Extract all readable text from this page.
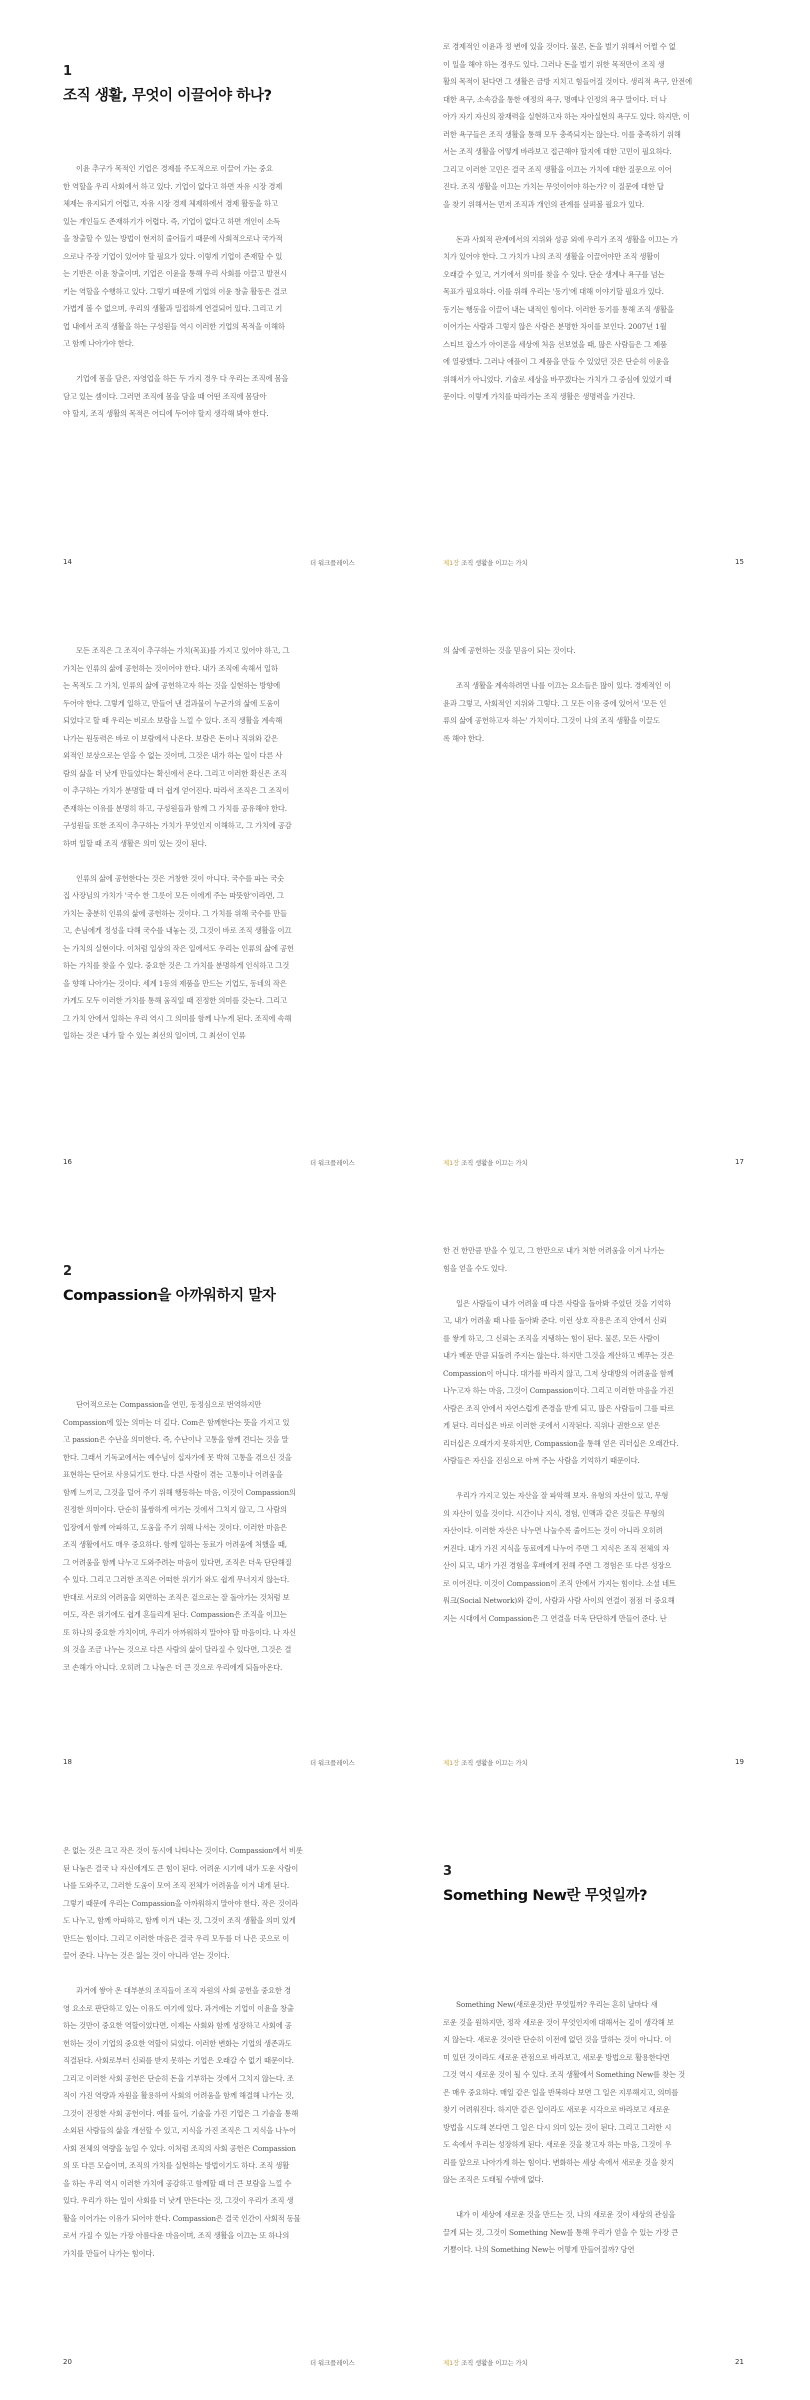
1
조직 생활, 무엇이 이끌어야 하나?
이윤 추구가 목적인 기업은 경제를 주도적으로 이끌어 가는 중요
한 역할을 우리 사회에서 하고 있다. 기업이 없다고 하면 자유 시장 경제
체제는 유지되기 어렵고, 자유 시장 경제 체제하에서 경제 활동을 하고
있는 개인들도 존재하기가 어렵다. 즉, 기업이 없다고 하면 개인이 소득
을 창출할 수 있는 방법이 현저히 줄어들기 때문에 사회적으로나 국가적
으로나 주장 기업이 있어야 할 필요가 있다. 이렇게 기업이 존재할 수 있
는 기반은 이윤 창출이며, 기업은 이윤을 통해 우리 사회를 이끌고 발전시
키는 역할을 수행하고 있다. 그렇기 때문에 기업의 이윤 창출 활동은 결코
가볍게 볼 수 없으며, 우리의 생활과 밀접하게 연결되어 있다. 그리고 기
업 내에서 조직 생활을 하는 구성원들 역시 이러한 기업의 목적을 이해하
고 함께 나아가야 한다.

기업에 몸을 담은, 자영업을 하든 두 가지 경우 다 우리는 조직에 몸을
담고 있는 셈이다. 그러면 조직에 몸을 담을 때 어떤 조직에 몸담아
야 할지, 조직 생활의 목적은 어디에 두어야 할지 생각해 봐야 한다.
14	더 워크플레이스
로 경제적인 이윤과 정 변에 있을 것이다. 물론, 돈을 벌기 위해서 어쩔 수 없
이 일을 해야 하는 경우도 있다. 그러나 돈을 벌기 위한 목적만이 조직 생
활의 목적이 된다면 그 생활은 금방 지치고 힘들어질 것이다. 생리적 욕구, 안전에
대한 욕구, 소속감을 통한 애정의 욕구, 명예나 인정의 욕구 말이다. 더 나
아가 자기 자신의 잠재력을 실현하고자 하는 자아실현의 욕구도 있다. 하지만, 이
러한 욕구들은 조직 생활을 통해 모두 충족되지는 않는다. 이를 충족하기 위해
서는 조직 생활을 어떻게 바라보고 접근해야 할지에 대한 고민이 필요하다.
그리고 이러한 고민은 결국 조직 생활을 이끄는 가치에 대한 질문으로 이어
진다. 조직 생활을 이끄는 가치는 무엇이어야 하는가? 이 질문에 대한 답
을 찾기 위해서는 먼저 조직과 개인의 관계를 살펴볼 필요가 있다.

돈과 사회적 관계에서의 지위와 성공 외에 우리가 조직 생활을 이끄는 가
치가 있어야 한다. 그 가치가 나의 조직 생활을 이끌어야만 조직 생활이
오래갈 수 있고, 거기에서 의미를 찾을 수 있다. 단순 생계나 욕구를 넘는
목표가 필요하다. 이를 위해 우리는 '동기'에 대해 이야기할 필요가 있다.
동기는 행동을 이끌어 내는 내적인 힘이다. 이러한 동기를 통해 조직 생활을
이어가는 사람과 그렇지 않은 사람은 분명한 차이를 보인다. 2007년 1월
스티브 잡스가 아이폰을 세상에 처음 선보였을 때, 많은 사람들은 그 제품
에 열광했다. 그러나 애플이 그 제품을 만들 수 있었던 것은 단순히 이윤을
위해서가 아니었다. 기술로 세상을 바꾸겠다는 가치가 그 중심에 있었기 때
문이다. 이렇게 가치를 따라가는 조직 생활은 생명력을 가진다.
제1장 조직 생활을 이끄는 가치	15
모든 조직은 그 조직이 추구하는 가치(목표)를 가지고 있어야 하고, 그
가치는 인류의 삶에 공헌하는 것이어야 한다. 내가 조직에 속해서 일하
는 목적도 그 가치, 인류의 삶에 공헌하고자 하는 것을 실현하는 방향에
두어야 한다. 그렇게 일하고, 만들어 낸 결과물이 누군가의 삶에 도움이
되었다고 할 때 우리는 비로소 보람을 느낄 수 있다. 조직 생활을 계속해
나가는 원동력은 바로 이 보람에서 나온다. 보람은 돈이나 직위와 같은
외적인 보상으로는 얻을 수 없는 것이며, 그것은 내가 하는 일이 다른 사
람의 삶을 더 낫게 만들었다는 확신에서 온다. 그리고 이러한 확신은 조직
이 추구하는 가치가 분명할 때 더 쉽게 얻어진다. 따라서 조직은 그 조직이
존재하는 이유를 분명히 하고, 구성원들과 함께 그 가치를 공유해야 한다.
구성원들 또한 조직이 추구하는 가치가 무엇인지 이해하고, 그 가치에 공감
하며 일할 때 조직 생활은 의미 있는 것이 된다.

인류의 삶에 공헌한다는 것은 거창한 것이 아니다. 국수를 파는 국숫
집 사장님의 가치가 '국수 한 그릇이 모든 이에게 주는 따뜻함'이라면, 그
가치는 충분히 인류의 삶에 공헌하는 것이다. 그 가치를 위해 국수를 만들
고, 손님에게 정성을 다해 국수를 내놓는 것, 그것이 바로 조직 생활을 이끄
는 가치의 실현이다. 이처럼 일상의 작은 일에서도 우리는 인류의 삶에 공헌
하는 가치를 찾을 수 있다. 중요한 것은 그 가치를 분명하게 인식하고 그것
을 향해 나아가는 것이다. 세계 1등의 제품을 만드는 기업도, 동네의 작은
가게도 모두 이러한 가치를 통해 움직일 때 진정한 의미를 갖는다. 그리고
그 가치 안에서 일하는 우리 역시 그 의미를 함께 나누게 된다. 조직에 속해
일하는 것은 내가 할 수 있는 최선의 일이며, 그 최선이 인류
16	더 워크플레이스
의 삶에 공헌하는 것을 믿음이 되는 것이다.

조직 생활을 계속하려면 나를 이끄는 요소들은 많이 있다. 경제적인 이
윤과 그렇고, 사회적인 지위와 그렇다. 그 모든 이유 중에 있어서 '모든 인
류의 삶에 공헌하고자 하는' 가치이다. 그것이 나의 조직 생활을 이끌도
록 해야 한다.
제1장 조직 생활을 이끄는 가치	17
2
Compassion을 아까워하지 말자
단어적으로는 Compassion을 연민, 동정심으로 번역하지만
Compassion에 있는 의미는 더 깊다. Com은 함께한다는 뜻을 가지고 있
고 passion은 수난을 의미한다. 즉, 수난이나 고통을 함께 견디는 것을 말
한다. 그래서 기독교에서는 예수님이 십자가에 못 박혀 고통을 겪으신 것을
표현하는 단어로 사용되기도 한다. 다른 사람이 겪는 고통이나 어려움을
함께 느끼고, 그것을 덜어 주기 위해 행동하는 마음, 이것이 Compassion의
진정한 의미이다. 단순히 불쌍하게 여기는 것에서 그치지 않고, 그 사람의
입장에서 함께 아파하고, 도움을 주기 위해 나서는 것이다. 이러한 마음은
조직 생활에서도 매우 중요하다. 함께 일하는 동료가 어려움에 처했을 때,
그 어려움을 함께 나누고 도와주려는 마음이 있다면, 조직은 더욱 단단해질
수 있다. 그리고 그러한 조직은 어떠한 위기가 와도 쉽게 무너지지 않는다.
반대로 서로의 어려움을 외면하는 조직은 겉으로는 잘 돌아가는 것처럼 보
여도, 작은 위기에도 쉽게 흔들리게 된다. Compassion은 조직을 이끄는
또 하나의 중요한 가치이며, 우리가 아까워하지 말아야 할 마음이다. 나 자신
의 것을 조금 나누는 것으로 다른 사람의 삶이 달라질 수 있다면, 그것은 결
코 손해가 아니다. 오히려 그 나눔은 더 큰 것으로 우리에게 되돌아온다.
18	더 워크플레이스
한 건 한만큼 받을 수 있고, 그 한만으로 내가 처한 어려움을 이겨 나가는
힘을 얻을 수도 있다.

일은 사람들이 내가 어려울 때 다른 사람을 돌아봐 주었던 것을 기억하
고, 내가 어려울 때 나를 돌아봐 준다. 이런 상호 작용은 조직 안에서 신뢰
를 쌓게 하고, 그 신뢰는 조직을 지탱하는 힘이 된다. 물론, 모든 사람이
내가 베푼 만큼 되돌려 주지는 않는다. 하지만 그것을 계산하고 베푸는 것은
Compassion이 아니다. 대가를 바라지 않고, 그저 상대방의 어려움을 함께
나누고자 하는 마음, 그것이 Compassion이다. 그리고 이러한 마음을 가진
사람은 조직 안에서 자연스럽게 존경을 받게 되고, 많은 사람들이 그를 따르
게 된다. 리더십은 바로 이러한 곳에서 시작된다. 직위나 권한으로 얻은
리더십은 오래가지 못하지만, Compassion을 통해 얻은 리더십은 오래간다.
사람들은 자신을 진심으로 아껴 주는 사람을 기억하기 때문이다.

우리가 가지고 있는 자산을 잘 파악해 보자. 유형의 자산이 있고, 무형
의 자산이 있을 것이다. 시간이나 지식, 경험, 인맥과 같은 것들은 무형의
자산이다. 이러한 자산은 나누면 나눌수록 줄어드는 것이 아니라 오히려
커진다. 내가 가진 지식을 동료에게 나누어 주면 그 지식은 조직 전체의 자
산이 되고, 내가 가진 경험을 후배에게 전해 주면 그 경험은 또 다른 성장으
로 이어진다. 이것이 Compassion이 조직 안에서 가지는 힘이다. 소셜 네트
워크(Social Network)와 같이, 사람과 사람 사이의 연결이 점점 더 중요해
지는 시대에서 Compassion은 그 연결을 더욱 단단하게 만들어 준다. 난
제1장 조직 생활을 이끄는 가치	19
은 없는 것은 크고 작은 것이 동시에 나타나는 것이다. Compassion에서 비롯
된 나눔은 결국 나 자신에게도 큰 힘이 된다. 어려운 시기에 내가 도운 사람이
나를 도와주고, 그러한 도움이 모여 조직 전체가 어려움을 이겨 내게 된다.
그렇기 때문에 우리는 Compassion을 아까워하지 말아야 한다. 작은 것이라
도 나누고, 함께 아파하고, 함께 이겨 내는 것, 그것이 조직 생활을 의미 있게
만드는 힘이다. 그리고 이러한 마음은 결국 우리 모두를 더 나은 곳으로 이
끌어 준다. 나누는 것은 잃는 것이 아니라 얻는 것이다.

과거에 쌓아 온 대부분의 조직들이 조직 자원의 사회 공헌을 중요한 경
영 요소로 판단하고 있는 이유도 여기에 있다. 과거에는 기업이 이윤을 창출
하는 것만이 중요한 역할이었다면, 이제는 사회와 함께 성장하고 사회에 공
헌하는 것이 기업의 중요한 역할이 되었다. 이러한 변화는 기업의 생존과도
직결된다. 사회로부터 신뢰를 받지 못하는 기업은 오래갈 수 없기 때문이다.
그리고 이러한 사회 공헌은 단순히 돈을 기부하는 것에서 그치지 않는다. 조
직이 가진 역량과 자원을 활용하여 사회의 어려움을 함께 해결해 나가는 것,
그것이 진정한 사회 공헌이다. 예를 들어, 기술을 가진 기업은 그 기술을 통해
소외된 사람들의 삶을 개선할 수 있고, 지식을 가진 조직은 그 지식을 나누어
사회 전체의 역량을 높일 수 있다. 이처럼 조직의 사회 공헌은 Compassion
의 또 다른 모습이며, 조직의 가치를 실현하는 방법이기도 하다. 조직 생활
을 하는 우리 역시 이러한 가치에 공감하고 함께할 때 더 큰 보람을 느낄 수
있다. 우리가 하는 일이 사회를 더 낫게 만든다는 것, 그것이 우리가 조직 생
활을 이어가는 이유가 되어야 한다. Compassion은 결국 인간이 사회적 동물
로서 가질 수 있는 가장 아름다운 마음이며, 조직 생활을 이끄는 또 하나의
가치를 만들어 나가는 힘이다.
20	더 워크플레이스
3
Something New란 무엇일까?
Something New(새로운것)란 무엇일까? 우리는 흔히 날마다 새
로운 것을 원하지만, 정작 새로운 것이 무엇인지에 대해서는 깊이 생각해 보
지 않는다. 새로운 것이란 단순히 이전에 없던 것을 말하는 것이 아니다. 이
미 있던 것이라도 새로운 관점으로 바라보고, 새로운 방법으로 활용한다면
그것 역시 새로운 것이 될 수 있다. 조직 생활에서 Something New를 찾는 것
은 매우 중요하다. 매일 같은 일을 반복하다 보면 그 일은 지루해지고, 의미를
찾기 어려워진다. 하지만 같은 일이라도 새로운 시각으로 바라보고 새로운
방법을 시도해 본다면 그 일은 다시 의미 있는 것이 된다. 그리고 그러한 시
도 속에서 우리는 성장하게 된다. 새로운 것을 찾고자 하는 마음, 그것이 우
리를 앞으로 나아가게 하는 힘이다. 변화하는 세상 속에서 새로운 것을 찾지
않는 조직은 도태될 수밖에 없다.

내가 이 세상에 새로운 것을 만드는 것, 나의 새로운 것이 세상의 관심을
끌게 되는 것, 그것이 Something New를 통해 우리가 얻을 수 있는 가장 큰
기쁨이다. 나의 Something New는 어떻게 만들어질까? 당연
제1장 조직 생활을 이끄는 가치	21
